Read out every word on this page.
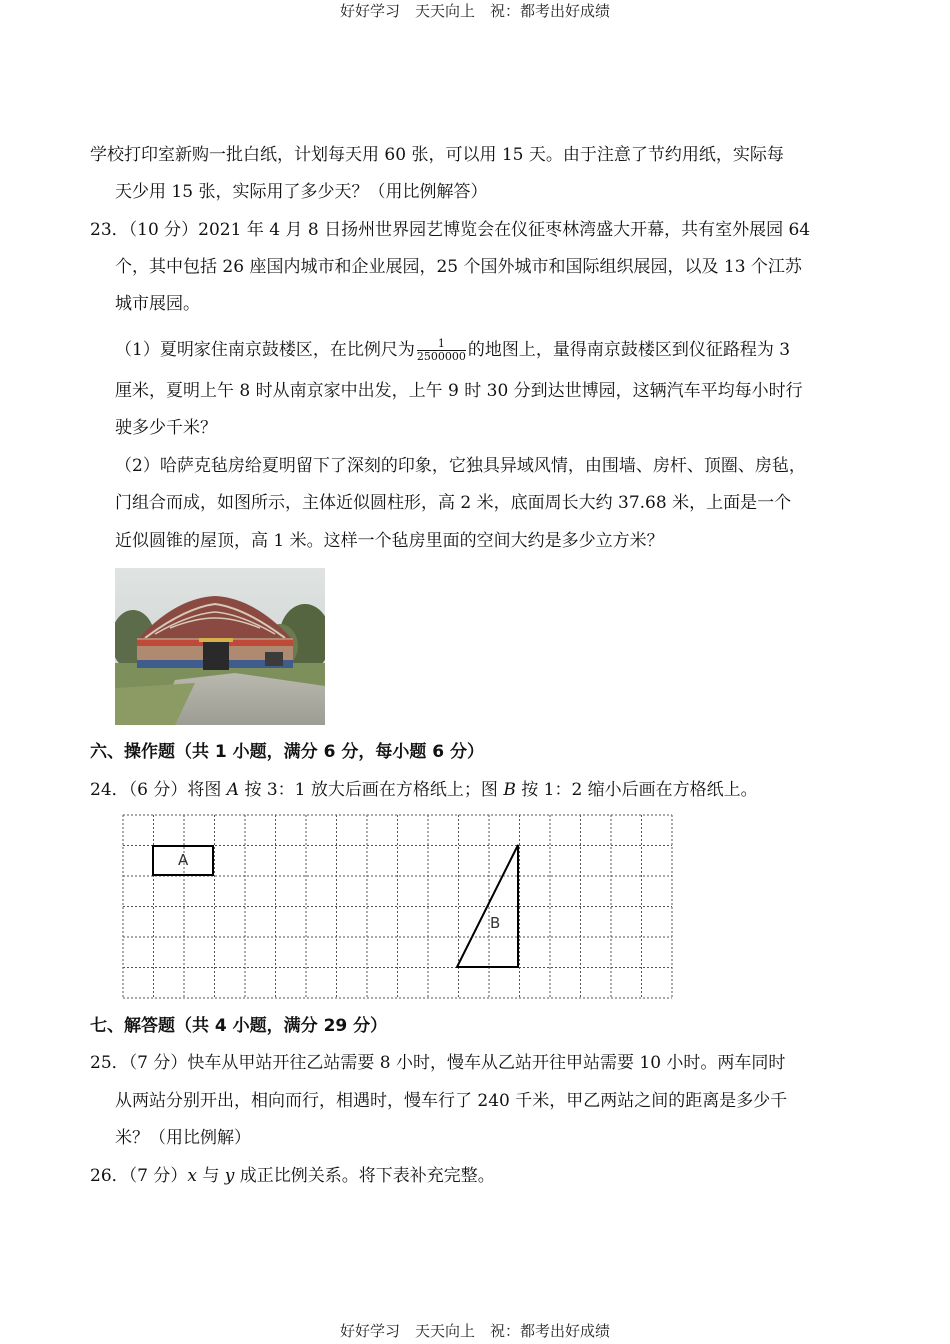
好好学习　天天向上　祝：都考出好成绩
学校打印室新购一批白纸，计划每天用 60 张，可以用 15 天。由于注意了节约用纸，实际每
天少用 15 张，实际用了多少天？（用比例解答）
23．（10 分）2021 年 4 月 8 日扬州世界园艺博览会在仪征枣林湾盛大开幕，共有室外展园 64
个，其中包括 26 座国内城市和企业展园，25 个国外城市和国际组织展园，以及 13 个江苏
城市展园。
（1）夏明家住南京鼓楼区，在比例尺为 $\frac{1}{2500000}$ 的地图上，量得南京鼓楼区到仪征路程为 3
厘米，夏明上午 8 时从南京家中出发，上午 9 时 30 分到达世博园，这辆汽车平均每小时行
驶多少千米？
（2）哈萨克毡房给夏明留下了深刻的印象，它独具异域风情，由围墙、房杆、顶圈、房毡，
门组合而成，如图所示，主体近似圆柱形，高 2 米，底面周长大约 37.68 米，上面是一个
近似圆锥的屋顶，高 1 米。这样一个毡房里面的空间大约是多少立方米？
六、操作题（共 1 小题，满分 6 分，每小题 6 分）
24．（6 分）将图 A 按 3：1 放大后画在方格纸上；图 B 按 1：2 缩小后画在方格纸上。
A
B
七、解答题（共 4 小题，满分 29 分）
25．（7 分）快车从甲站开往乙站需要 8 小时，慢车从乙站开往甲站需要 10 小时。两车同时
从两站分别开出，相向而行，相遇时，慢车行了 240 千米，甲乙两站之间的距离是多少千
米？（用比例解）
26．（7 分）x 与 y 成正比例关系。将下表补充完整。
好好学习　天天向上　祝：都考出好成绩
